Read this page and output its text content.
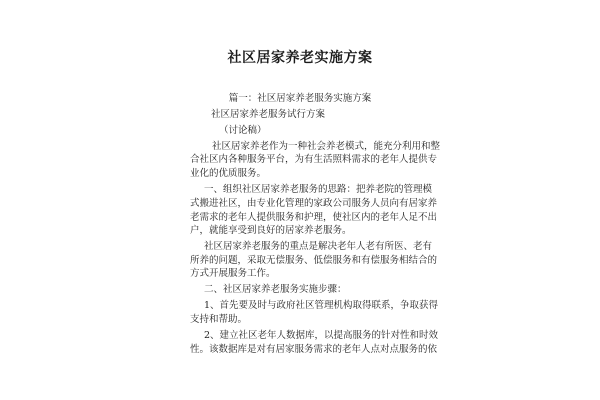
社区居家养老实施方案
篇一：社区居家养老服务实施方案
社区居家养老服务试行方案
（讨论稿）
社区居家养老作为一种社会养老模式，能充分利用和整
合社区内各种服务平台，为有生活照料需求的老年人提供专
业化的优质服务。
一、组织社区居家养老服务的思路：把养老院的管理模
式搬进社区，由专业化管理的家政公司服务人员向有居家养
老需求的老年人提供服务和护理，使社区内的老年人足不出
户，就能享受到良好的居家养老服务。
社区居家养老服务的重点是解决老年人老有所医、老有
所养的问题，采取无偿服务、低偿服务和有偿服务相结合的
方式开展服务工作。
二、社区居家养老服务实施步骤：
1、首先要及时与政府社区管理机构取得联系，争取获得
支持和帮助。
2、建立社区老年人数据库，以提高服务的针对性和时效
性。该数据库是对有居家服务需求的老年人点对点服务的依
